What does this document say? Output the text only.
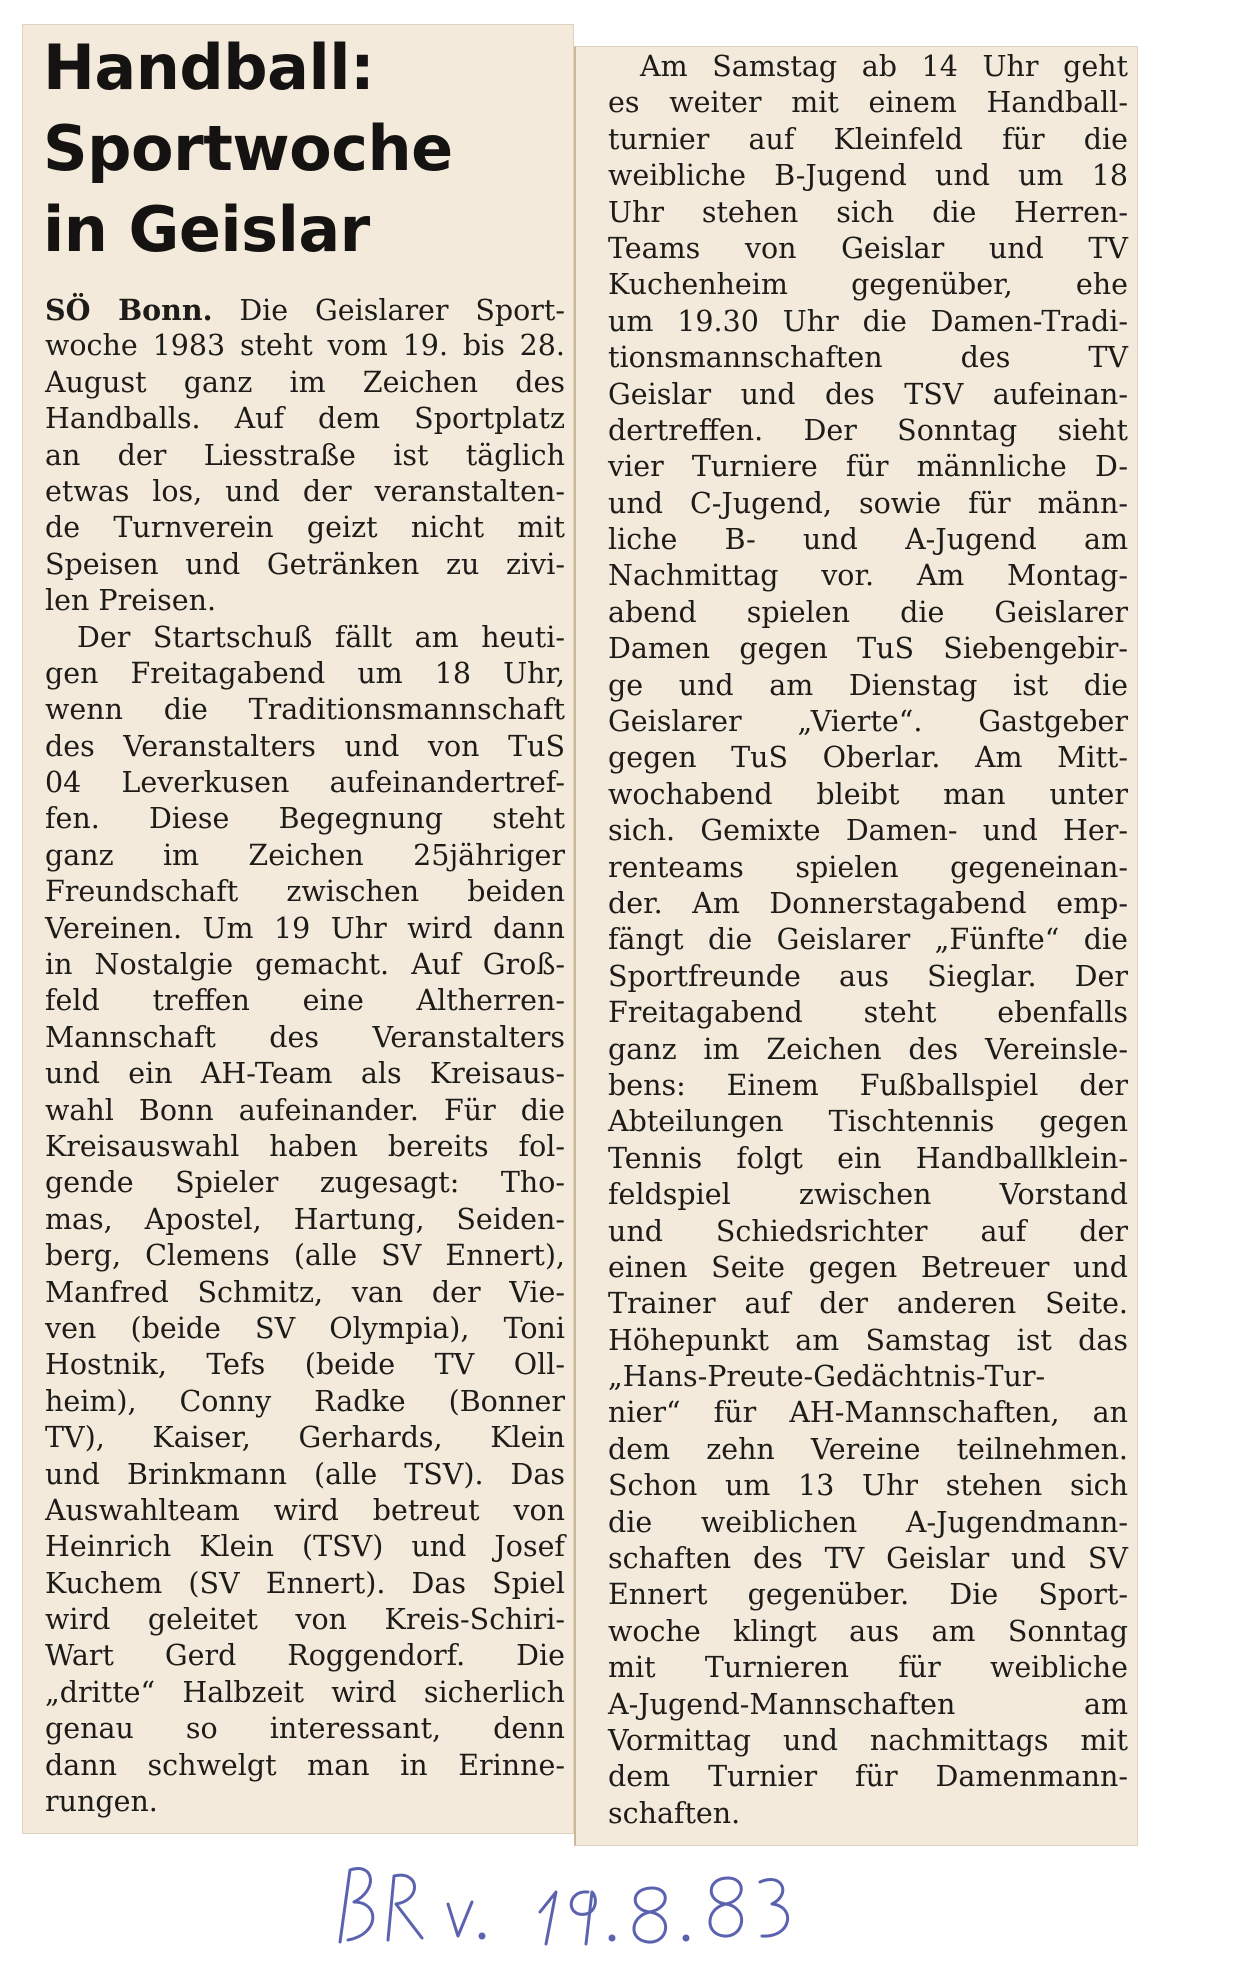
Handball:
Sportwoche
in Geislar
SÖ Bonn. Die Geislarer Sport-
woche 1983 steht vom 19. bis 28.
August ganz im Zeichen des
Handballs. Auf dem Sportplatz
an der Liesstraße ist täglich
etwas los, und der veranstalten-
de Turnverein geizt nicht mit
Speisen und Getränken zu zivi-
len Preisen.
Der Startschuß fällt am heuti-
gen Freitagabend um 18 Uhr,
wenn die Traditionsmannschaft
des Veranstalters und von TuS
04 Leverkusen aufeinandertref-
fen. Diese Begegnung steht
ganz im Zeichen 25jähriger
Freundschaft zwischen beiden
Vereinen. Um 19 Uhr wird dann
in Nostalgie gemacht. Auf Groß-
feld treffen eine Altherren-
Mannschaft des Veranstalters
und ein AH-Team als Kreisaus-
wahl Bonn aufeinander. Für die
Kreisauswahl haben bereits fol-
gende Spieler zugesagt: Tho-
mas, Apostel, Hartung, Seiden-
berg, Clemens (alle SV Ennert),
Manfred Schmitz, van der Vie-
ven (beide SV Olympia), Toni
Hostnik, Tefs (beide TV Oll-
heim), Conny Radke (Bonner
TV), Kaiser, Gerhards, Klein
und Brinkmann (alle TSV). Das
Auswahlteam wird betreut von
Heinrich Klein (TSV) und Josef
Kuchem (SV Ennert). Das Spiel
wird geleitet von Kreis-Schiri-
Wart Gerd Roggendorf. Die
„dritte“ Halbzeit wird sicherlich
genau so interessant, denn
dann schwelgt man in Erinne-
rungen.
Am Samstag ab 14 Uhr geht
es weiter mit einem Handball-
turnier auf Kleinfeld für die
weibliche B-Jugend und um 18
Uhr stehen sich die Herren-
Teams von Geislar und TV
Kuchenheim gegenüber, ehe
um 19.30 Uhr die Damen-Tradi-
tionsmannschaften des TV
Geislar und des TSV aufeinan-
dertreffen. Der Sonntag sieht
vier Turniere für männliche D-
und C-Jugend, sowie für männ-
liche B- und A-Jugend am
Nachmittag vor. Am Montag-
abend spielen die Geislarer
Damen gegen TuS Siebengebir-
ge und am Dienstag ist die
Geislarer „Vierte“. Gastgeber
gegen TuS Oberlar. Am Mitt-
wochabend bleibt man unter
sich. Gemixte Damen- und Her-
renteams spielen gegeneinan-
der. Am Donnerstagabend emp-
fängt die Geislarer „Fünfte“ die
Sportfreunde aus Sieglar. Der
Freitagabend steht ebenfalls
ganz im Zeichen des Vereinsle-
bens: Einem Fußballspiel der
Abteilungen Tischtennis gegen
Tennis folgt ein Handballklein-
feldspiel zwischen Vorstand
und Schiedsrichter auf der
einen Seite gegen Betreuer und
Trainer auf der anderen Seite.
Höhepunkt am Samstag ist das
„Hans-Preute-Gedächtnis-Tur-
nier“ für AH-Mannschaften, an
dem zehn Vereine teilnehmen.
Schon um 13 Uhr stehen sich
die weiblichen A-Jugendmann-
schaften des TV Geislar und SV
Ennert gegenüber. Die Sport-
woche klingt aus am Sonntag
mit Turnieren für weibliche
A-Jugend-Mannschaften am
Vormittag und nachmittags mit
dem Turnier für Damenmann-
schaften.
